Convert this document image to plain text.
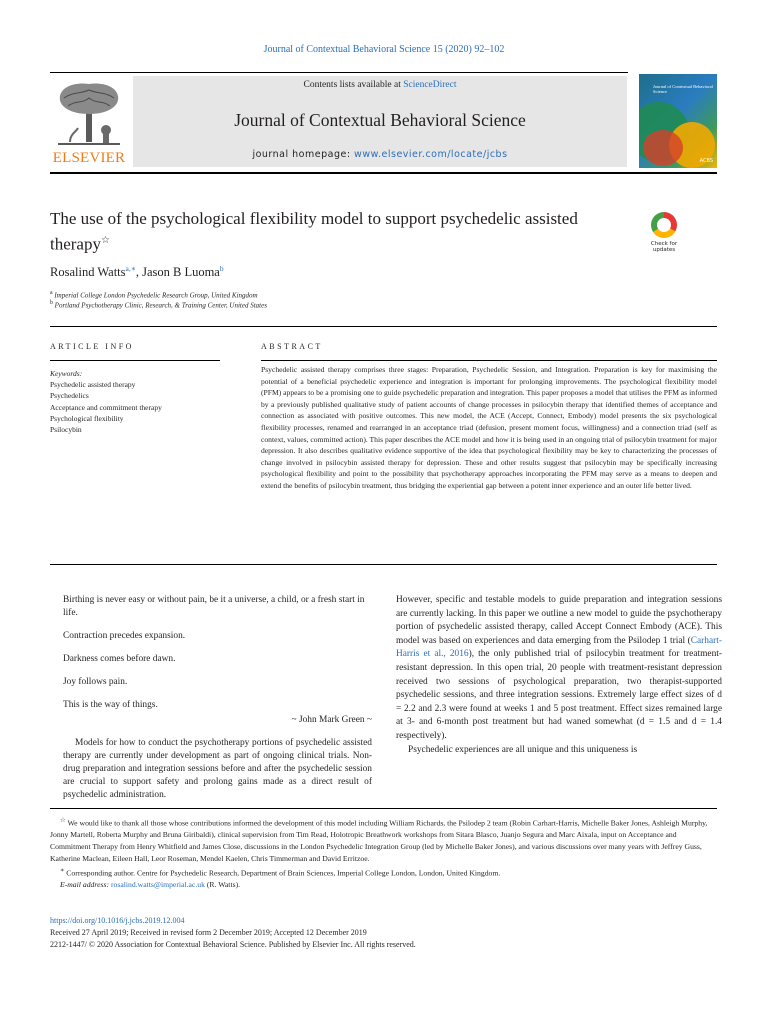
Journal of Contextual Behavioral Science 15 (2020) 92–102
ELSEVIER
Contents lists available at ScienceDirect
Journal of Contextual Behavioral Science
journal homepage: www.elsevier.com/locate/jcbs
Journal of Contextual Behavioral Science
ACBS
The use of the psychological flexibility model to support psychedelic assisted therapy☆	Check for
updates
Rosalind Watts$^{a,∗}$, Jason B Luoma$^b$
$^a$ Imperial College London Psychedelic Research Group, United Kingdom
$^b$ Portland Psychotherapy Clinic, Research, & Training Center, United States
ARTICLE INFO	ABSTRACT
Keywords:
Psychedelic assisted therapy
Psychedelics
Acceptance and commitment therapy
Psychological flexibility
Psilocybin
Psychedelic assisted therapy comprises three stages: Preparation, Psychedelic Session, and Integration. Preparation is key for maximising the potential of a beneficial psychedelic experience and integration is important for prolonging improvements. The psychological flexibility model (PFM) appears to be a promising one to guide psychedelic preparation and integration. This paper proposes a model that utilises the PFM as informed by a previously published qualitative study of patient accounts of change processes in psilocybin therapy that identified themes of acceptance and connection as associated with positive outcomes. This new model, the ACE (Accept, Connect, Embody) model presents the six psychological flexibility processes, renamed and rearranged in an acceptance triad (defusion, present moment focus, willingness) and a connection triad (self as context, values, committed action). This paper describes the ACE model and how it is being used in an ongoing trial of psilocybin treatment for major depression. It also describes qualitative evidence supportive of the idea that psychological flexibility may be key to characterizing the processes of change involved in psilocybin assisted therapy for depression. These and other results suggest that psilocybin may be specifically increasing psychological flexibility and point to the possibility that psychotherapy approaches incorporating the PFM may serve as a means to deepen and extend the benefits of psilocybin treatment, thus bridging the experiential gap between a potent inner experience and an outer life better lived.

Birthing is never easy or without pain, be it a universe, a child, or a fresh start in life.

Contraction precedes expansion.

Darkness comes before dawn.

Joy follows pain.

This is the way of things.

~ John Mark Green ~

Models for how to conduct the psychotherapy portions of psychedelic assisted therapy are currently under development as part of ongoing clinical trials. Non-drug preparation and integration sessions before and after the psychedelic session are crucial to support safety and prolong gains made as a direct result of psychedelic administration.

However, specific and testable models to guide preparation and integration sessions are currently lacking. In this paper we outline a new model to guide the psychotherapy portion of psychedelic assisted therapy, called Accept Connect Embody (ACE). This model was based on experiences and data emerging from the Psilodep 1 trial (Carhart-Harris et al., 2016), the only published trial of psilocybin treatment for treatment-resistant depression. In this open trial, 20 people with treatment-resistant depression received two sessions of psychological preparation, two therapist-supported psychedelic sessions, and three integration sessions. Extremely large effect sizes of d = 2.2 and 2.3 were found at weeks 1 and 5 post treatment. Effect sizes remained large at 3- and 6-month post treatment but had waned somewhat (d = 1.5 and d = 1.4 respectively).

Psychedelic experiences are all unique and this uniqueness is

☆ We would like to thank all those whose contributions informed the development of this model including William Richards, the Psilodep 2 team (Robin Carhart-Harris, Michelle Baker Jones, Ashleigh Murphy, Jonny Martell, Roberta Murphy and Bruna Giribaldi), clinical supervision from Tim Read, Holotropic Breathwork workshops from Sitara Blasco, Juanjo Segura and Marc Aixala, input on Acceptance and Commitment Therapy from Henry Whitfield and James Close, discussions in the London Psychedelic Integration Group (led by Michelle Baker Jones), and various discussions over many years with Jeffrey Guss, Katherine Maclean, Eileen Hall, Leor Roseman, Mendel Kaelen, Chris Timmerman and David Erritzoe.

∗ Corresponding author. Centre for Psychedelic Research, Department of Brain Sciences, Imperial College London, London, United Kingdom.

E-mail address: rosalind.watts@imperial.ac.uk (R. Watts).

https://doi.org/10.1016/j.jcbs.2019.12.004
Received 27 April 2019; Received in revised form 2 December 2019; Accepted 12 December 2019
2212-1447/ © 2020 Association for Contextual Behavioral Science. Published by Elsevier Inc. All rights reserved.
